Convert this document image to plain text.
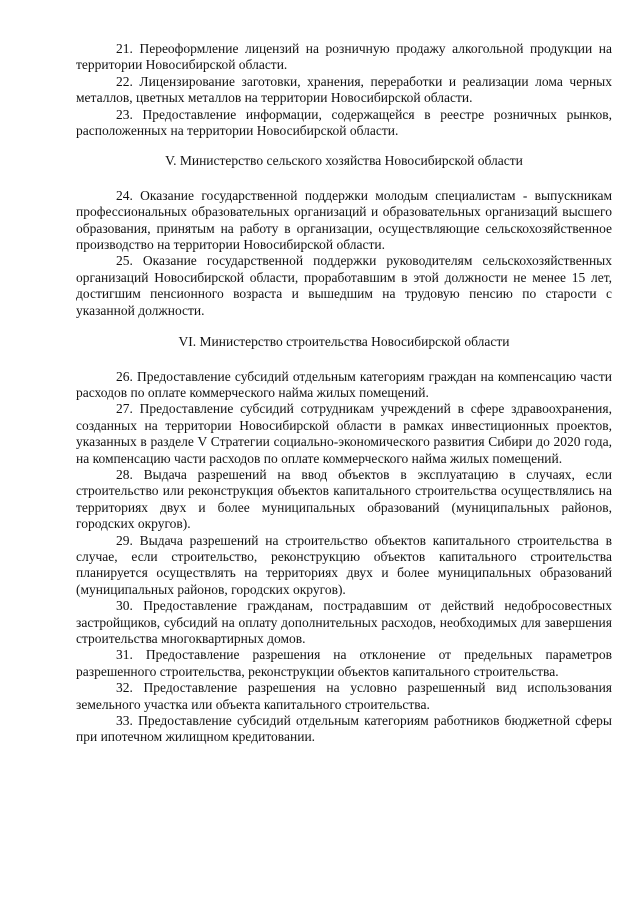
21. Переоформление лицензий на розничную продажу алкогольной продукции на территории Новосибирской области.

22. Лицензирование заготовки, хранения, переработки и реализации лома черных металлов, цветных металлов на территории Новосибирской области.

23. Предоставление информации, содержащейся в реестре розничных рынков, расположенных на территории Новосибирской области.

V. Министерство сельского хозяйства Новосибирской области

24. Оказание государственной поддержки молодым специалистам - выпускникам профессиональных образовательных организаций и образовательных организаций высшего образования, принятым на работу в организации, осуществляющие сельскохозяйственное производство на территории Новосибирской области.

25. Оказание государственной поддержки руководителям сельскохозяйственных организаций Новосибирской области, проработавшим в этой должности не менее 15 лет, достигшим пенсионного возраста и вышедшим на трудовую пенсию по старости с указанной должности.

VI. Министерство строительства Новосибирской области

26. Предоставление субсидий отдельным категориям граждан на компенсацию части расходов по оплате коммерческого найма жилых помещений.

27. Предоставление субсидий сотрудникам учреждений в сфере здравоохранения, созданных на территории Новосибирской области в рамках инвестиционных проектов, указанных в разделе V Стратегии социально-экономического развития Сибири до 2020 года, на компенсацию части расходов по оплате коммерческого найма жилых помещений.

28. Выдача разрешений на ввод объектов в эксплуатацию в случаях, если строительство или реконструкция объектов капитального строительства осуществлялись на территориях двух и более муниципальных образований (муниципальных районов, городских округов).

29. Выдача разрешений на строительство объектов капитального строительства в случае, если строительство, реконструкцию объектов капитального строительства планируется осуществлять на территориях двух и более муниципальных образований (муниципальных районов, городских округов).

30. Предоставление гражданам, пострадавшим от действий недобросовестных застройщиков, субсидий на оплату дополнительных расходов, необходимых для завершения строительства многоквартирных домов.

31. Предоставление разрешения на отклонение от предельных параметров разрешенного строительства, реконструкции объектов капитального строительства.

32. Предоставление разрешения на условно разрешенный вид использования земельного участка или объекта капитального строительства.

33. Предоставление субсидий отдельным категориям работников бюджетной сферы при ипотечном жилищном кредитовании.
